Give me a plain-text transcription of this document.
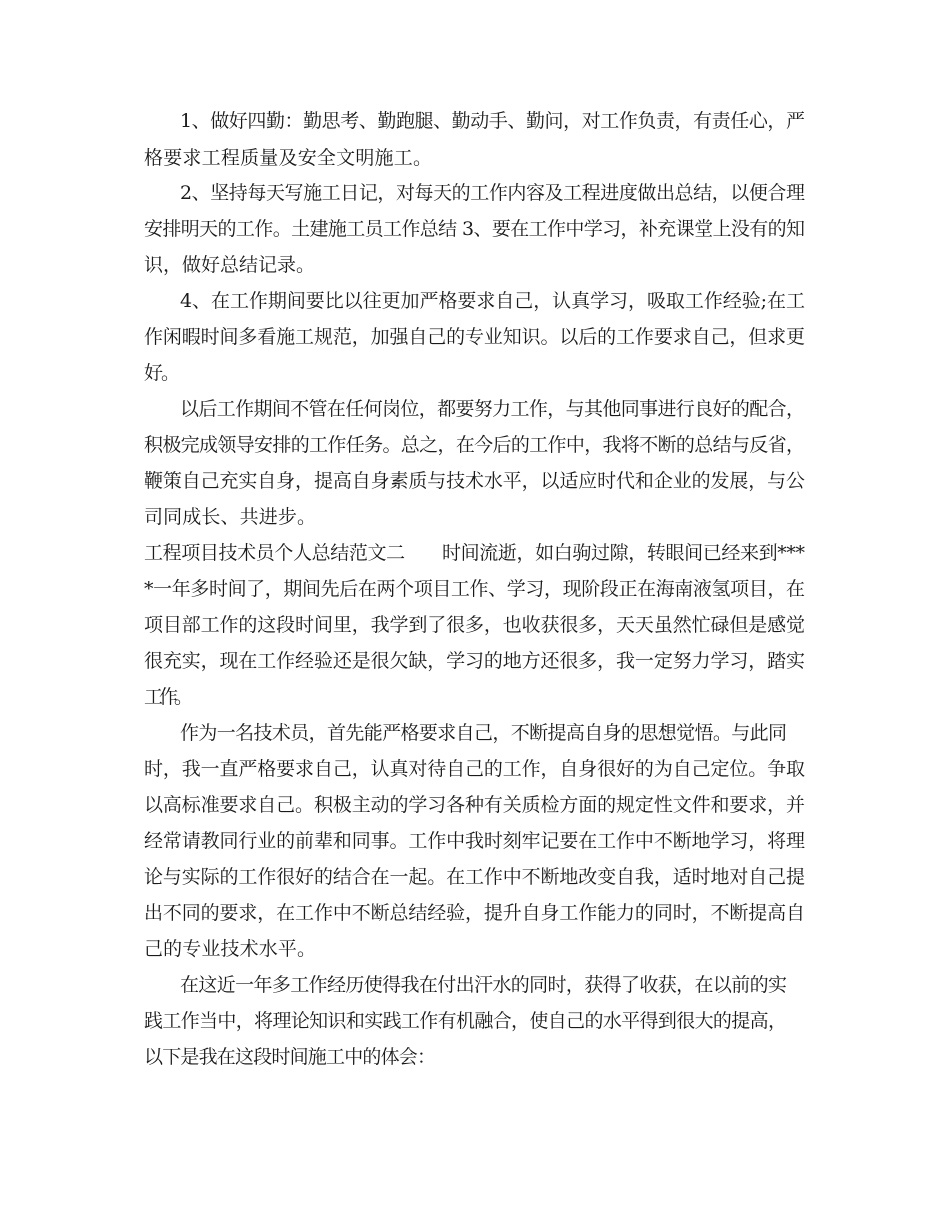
1、做好四勤：勤思考、勤跑腿、勤动手、勤问，对工作负责，有责任心，严
格要求工程质量及安全文明施工。
2、坚持每天写施工日记，对每天的工作内容及工程进度做出总结，以便合理
安排明天的工作。土建施工员工作总结 3、要在工作中学习，补充课堂上没有的知
识，做好总结记录。
4、在工作期间要比以往更加严格要求自己，认真学习，吸取工作经验;在工
作闲暇时间多看施工规范，加强自己的专业知识。以后的工作要求自己，但求更
好。
以后工作期间不管在任何岗位，都要努力工作，与其他同事进行良好的配合，
积极完成领导安排的工作任务。总之，在今后的工作中，我将不断的总结与反省，
鞭策自己充实自身，提高自身素质与技术水平，以适应时代和企业的发展，与公
司同成长、共进步。
工程项目技术员个人总结范文二　　时间流逝，如白驹过隙，转眼间已经来到***
*一年多时间了，期间先后在两个项目工作、学习，现阶段正在海南液氢项目，在
项目部工作的这段时间里，我学到了很多，也收获很多，天天虽然忙碌但是感觉
很充实，现在工作经验还是很欠缺，学习的地方还很多，我一定努力学习，踏实
工作。
作为一名技术员，首先能严格要求自己，不断提高自身的思想觉悟。与此同
时，我一直严格要求自己，认真对待自己的工作，自身很好的为自己定位。争取
以高标准要求自己。积极主动的学习各种有关质检方面的规定性文件和要求，并
经常请教同行业的前辈和同事。工作中我时刻牢记要在工作中不断地学习，将理
论与实际的工作很好的结合在一起。在工作中不断地改变自我，适时地对自己提
出不同的要求，在工作中不断总结经验，提升自身工作能力的同时，不断提高自
己的专业技术水平。
在这近一年多工作经历使得我在付出汗水的同时，获得了收获，在以前的实
践工作当中，将理论知识和实践工作有机融合，使自己的水平得到很大的提高，
以下是我在这段时间施工中的体会：
